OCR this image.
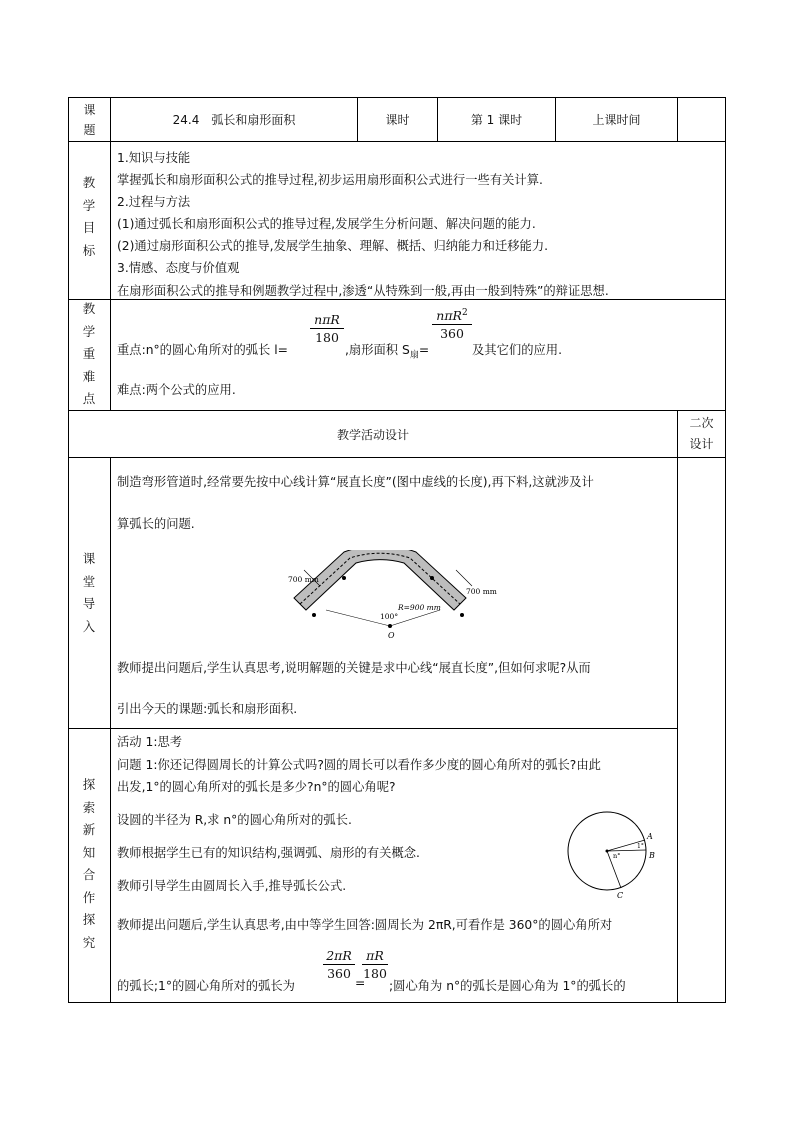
课题
24.4　弧长和扇形面积	课时	第 1 课时	上课时间
教学目标
1.知识与技能
掌握弧长和扇形面积公式的推导过程,初步运用扇形面积公式进行一些有关计算.
2.过程与方法
(1)通过弧长和扇形面积公式的推导过程,发展学生分析问题、解决问题的能力.
(2)通过扇形面积公式的推导,发展学生抽象、理解、概括、归纳能力和迁移能力.
3.情感、态度与价值观
在扇形面积公式的推导和例题教学过程中,渗透“从特殊到一般,再由一般到特殊”的辩证思想.
教学重难点
重点:n°的圆心角所对的弧长 l=
nπR
180
,扇形面积 $S_扇=$
nπR$^2$
360
及其它们的应用.
难点:两个公式的应用.
教学活动设计
二次设计
课堂导入
制造弯形管道时,经常要先按中心线计算“展直长度”(图中虚线的长度),再下料,这就涉及计
算弧长的问题.
700 mm
700 mm
R=900 mm
100°
O
教师提出问题后,学生认真思考,说明解题的关键是求中心线“展直长度”,但如何求呢?从而
引出今天的课题:弧长和扇形面积.
探索新知合作探究
活动 1:思考
问题 1:你还记得圆周长的计算公式吗?圆的周长可以看作多少度的圆心角所对的弧长?由此
出发,1°的圆心角所对的弧长是多少?n°的圆心角呢?
设圆的半径为 R,求 n°的圆心角所对的弧长.
教师根据学生已有的知识结构,强调弧、扇形的有关概念.
教师引导学生由圆周长入手,推导弧长公式.
教师提出问题后,学生认真思考,由中等学生回答:圆周长为 2πR,可看作是 360°的圆心角所对
A
B
C
n°
1°
的弧长;1°的圆心角所对的弧长为
2πR
360
=
πR
180
;圆心角为 n°的弧长是圆心角为 1°的弧长的
